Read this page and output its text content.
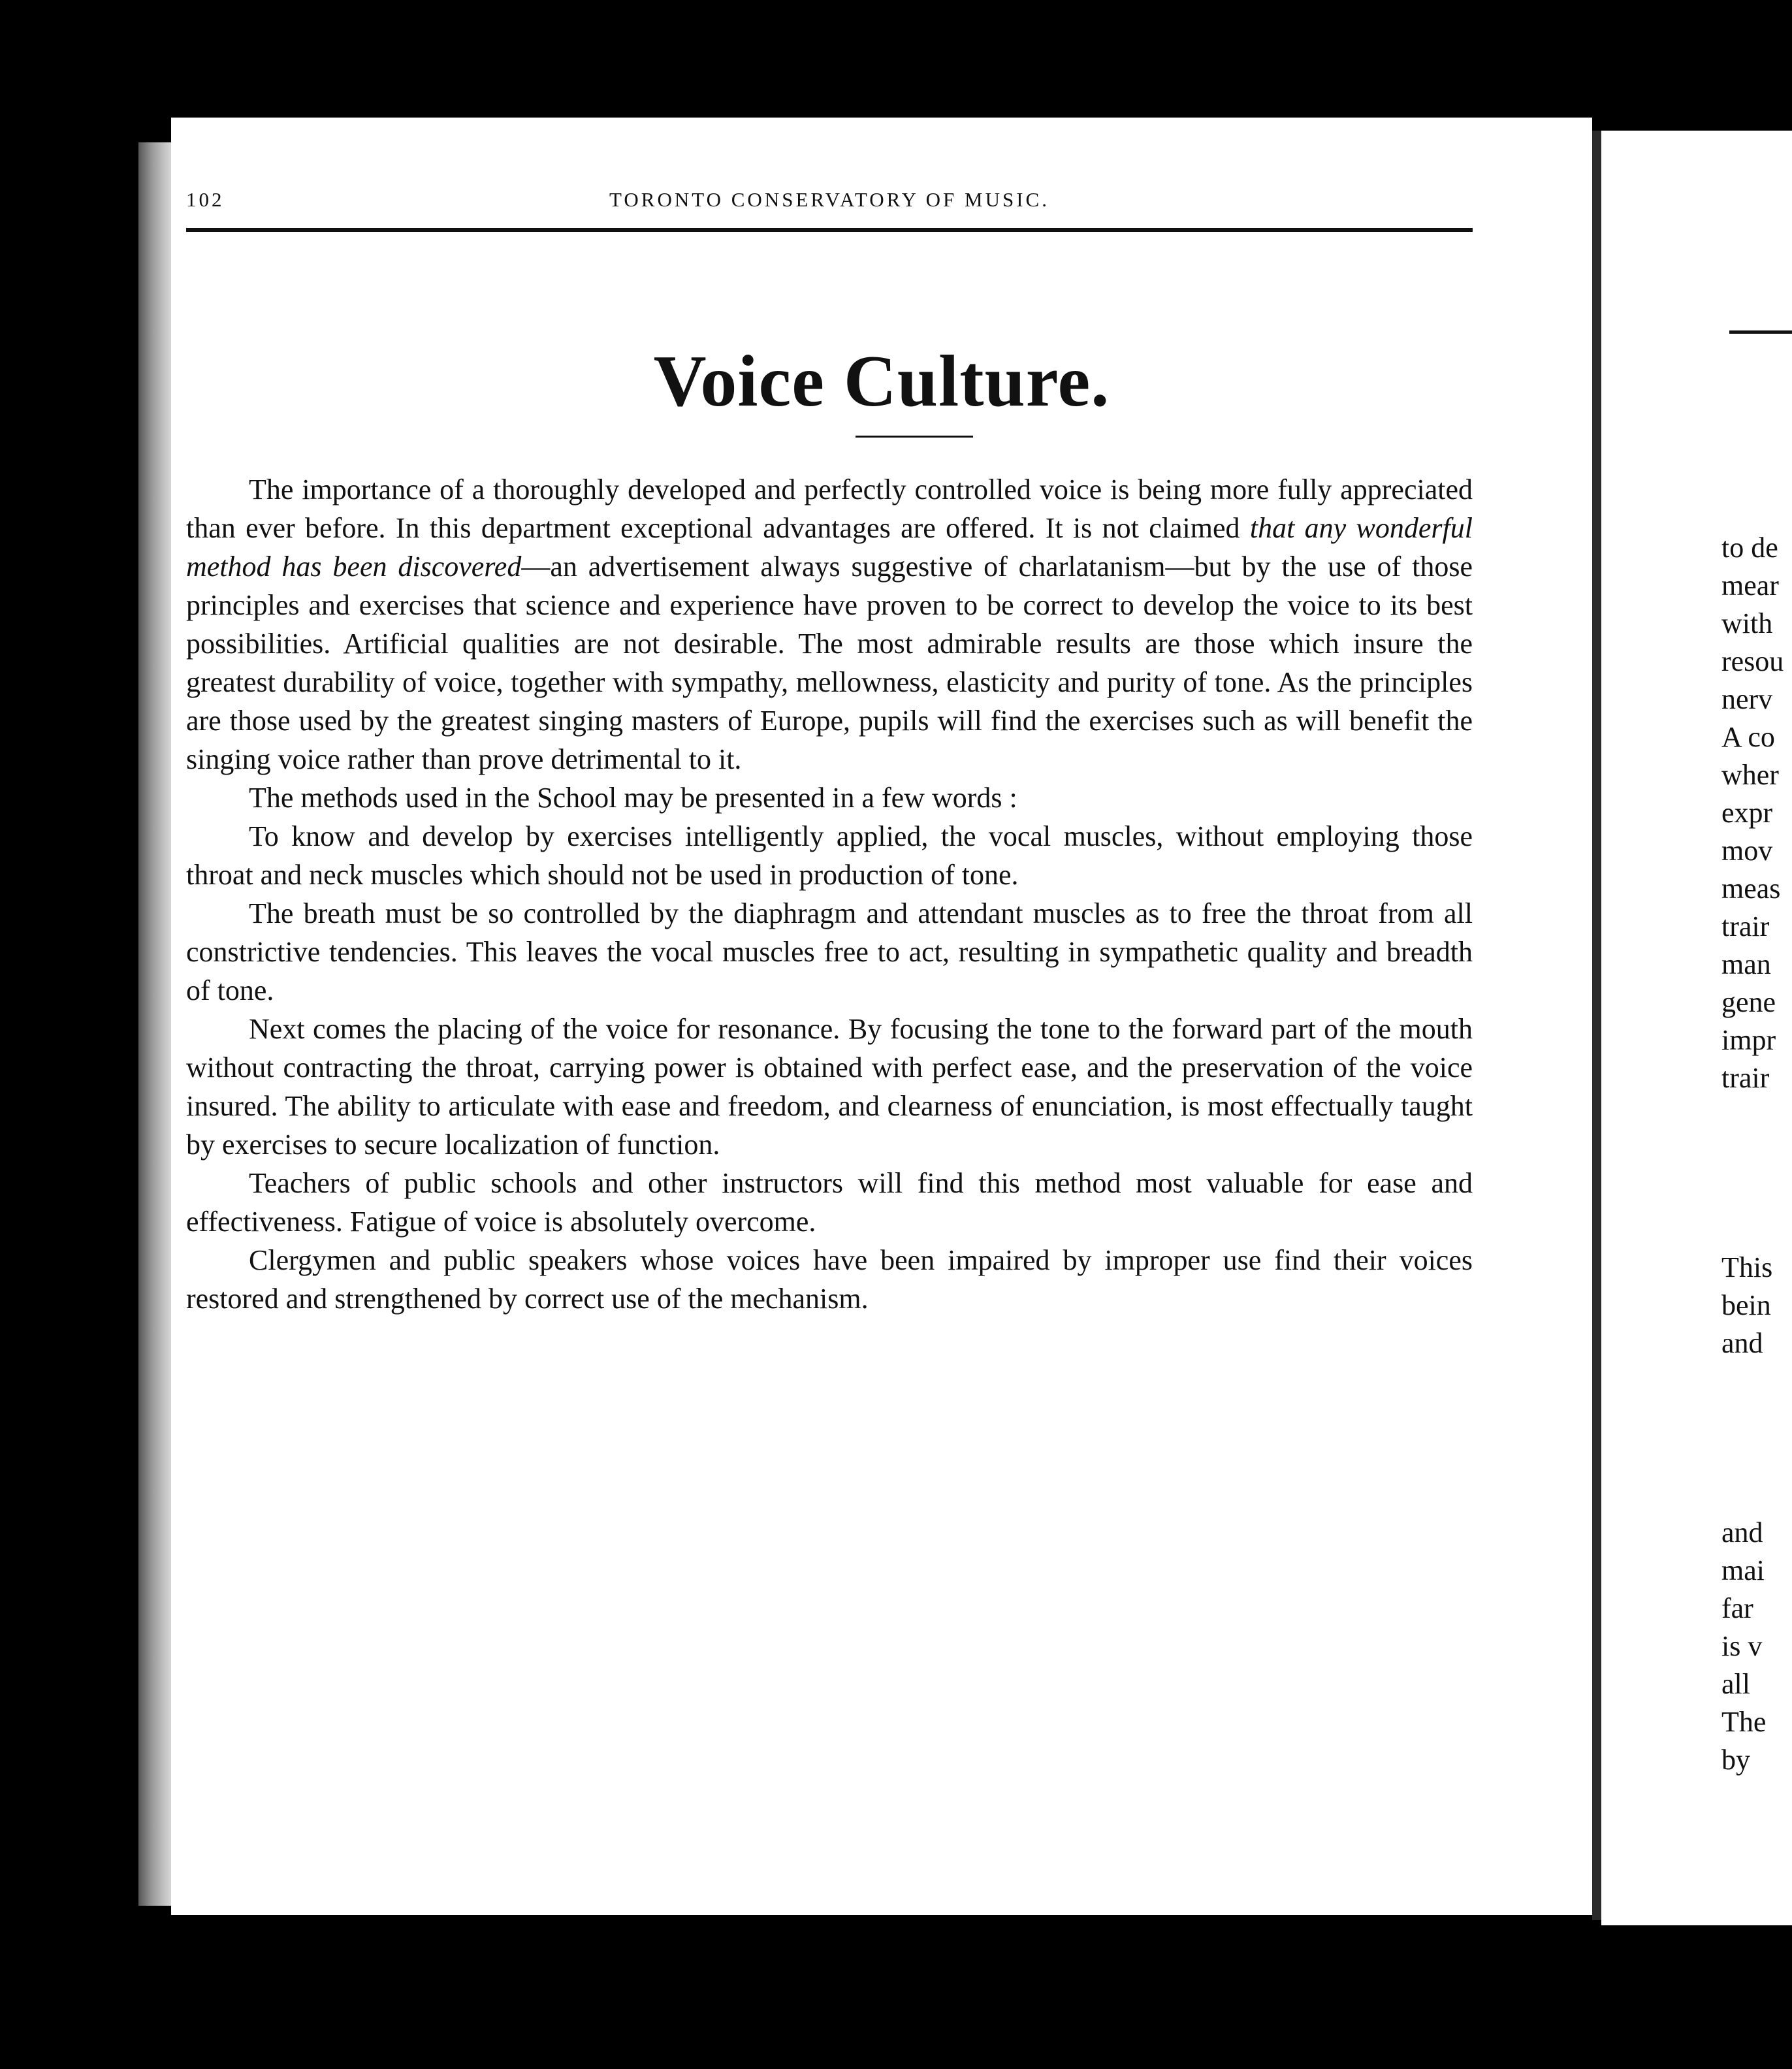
102	TORONTO CONSERVATORY OF MUSIC.
Voice Culture.

The importance of a thoroughly developed and perfectly controlled voice is being more fully appreciated than ever before. In this department exceptional advantages are offered. It is not claimed that any wonderful method has been discovered—an advertisement always suggestive of charlatanism—but by the use of those principles and exercises that science and experience have proven to be correct to develop the voice to its best possibilities. Artificial qualities are not desirable. The most admirable results are those which insure the greatest durability of voice, together with sympathy, mellowness, elasticity and purity of tone. As the principles are those used by the greatest singing masters of Europe, pupils will find the exercises such as will benefit the singing voice rather than prove detrimental to it.

The methods used in the School may be presented in a few words :

To know and develop by exercises intelligently applied, the vocal muscles, without employing those throat and neck muscles which should not be used in production of tone.

The breath must be so controlled by the diaphragm and attendant muscles as to free the throat from all constrictive tendencies. This leaves the vocal muscles free to act, resulting in sympathetic quality and breadth of tone.

Next comes the placing of the voice for resonance. By focusing the tone to the forward part of the mouth without contracting the throat, carrying power is obtained with perfect ease, and the preservation of the voice insured. The ability to articulate with ease and freedom, and clearness of enunciation, is most effectually taught by exercises to secure localization of function.

Teachers of public schools and other instructors will find this method most valuable for ease and effectiveness. Fatigue of voice is absolutely overcome.

Clergymen and public speakers whose voices have been impaired by improper use find their voices restored and strengthened by correct use of the mechanism.

to de
mear
with
resou
nerv
A co
wher
expr
mov
meas
trair
man
gene
impr
trair
This
bein
and
and
mai
far
is v
all
The
by
